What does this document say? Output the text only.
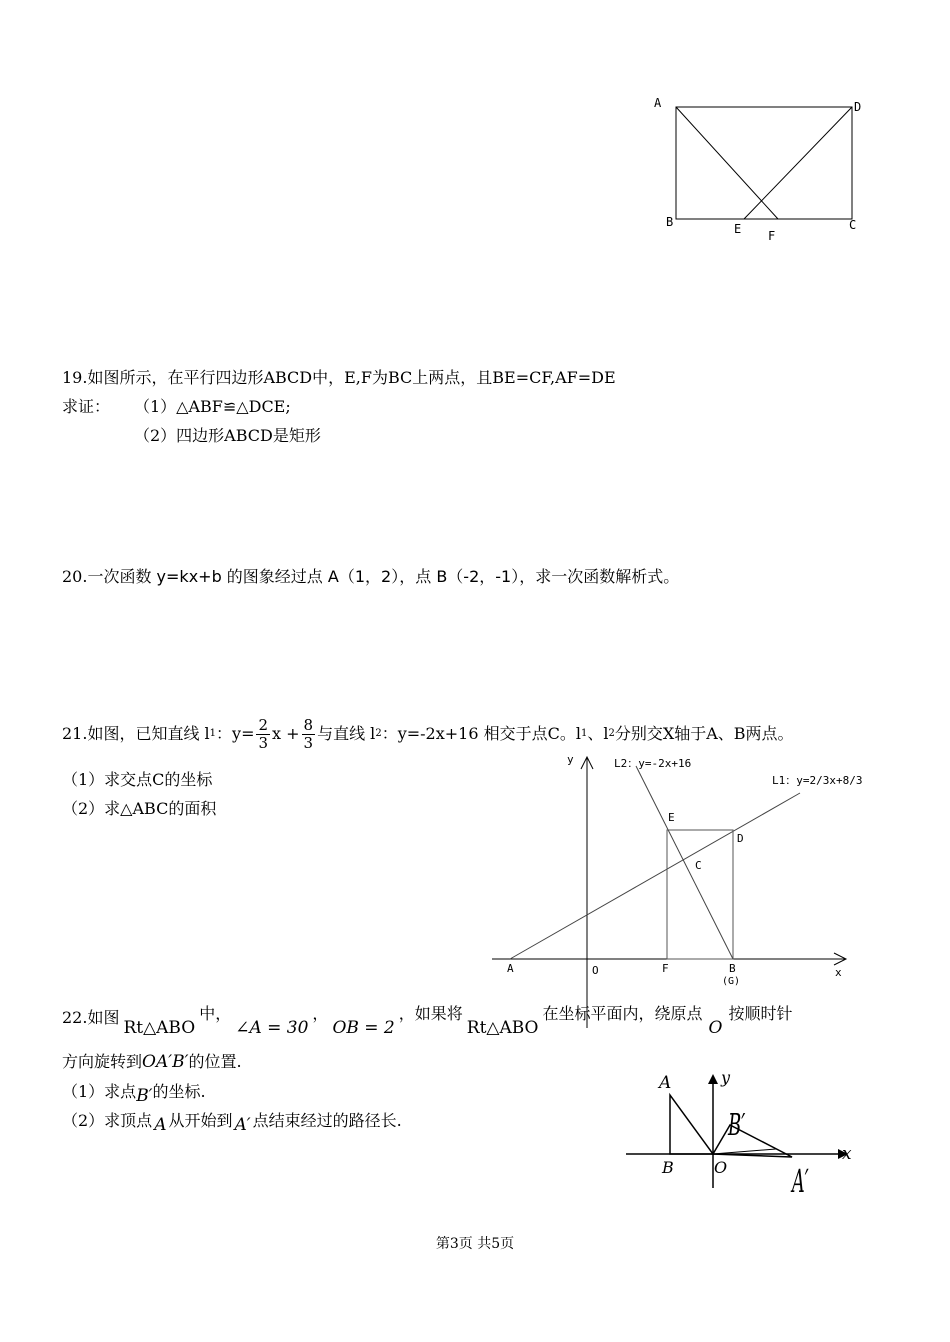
A	D
B	E F
C
19.如图所示，在平行四边形ABCD中，E,F为BC上两点，且BE=CF,AF=DE
求证： （1）△ABF≌△DCE;
（2）四边形ABCD是矩形
20.一次函数 y=kx+b 的图象经过点 A（1，2），点 B（-2，-1），求一次函数解析式。
21.如图，已知直线 l 1 ：$y= \frac{2}{3}$ $x + \frac{8}{3}$ 与直线 l 2 ：y=-2x+16 相交于点C。l 1 、l 2 分别交X轴于A、B两点。
（1）求交点C的坐标
（2）求△ABC的面积
y	L2：y=-2x+16
L1：y=2/3x+8/3
E
D
C
A	O	F	B
(G)
x
22.如图
Rt△ABO
中，
∠A = 30
，
OB = 2
，如果将
Rt△ABO
在坐标平面内，绕原点
O
按顺时针
方向旋转到OA′B′的位置.
（1）求点B′的坐标.
（2）求顶点 A 从开始到 A′ 点结束经过的路径长.
A	y
B′
x
B	O A′
第3页 共5页
